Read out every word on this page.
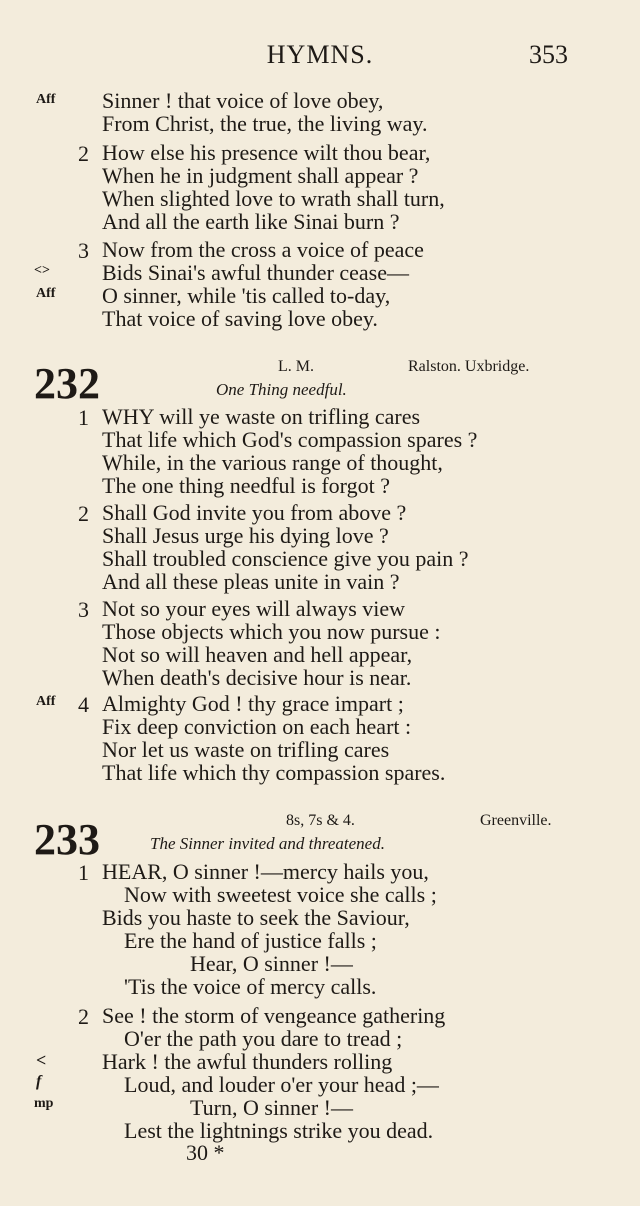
HYMNS.	353
Aff Sinner ! that voice of love obey,
From Christ, the true, the living way.
2 How else his presence wilt thou bear,
When he in judgment shall appear ?
When slighted love to wrath shall turn,
And all the earth like Sinai burn ?
3 Now from the cross a voice of peace
<> Bids Sinai's awful thunder cease—
Aff O sinner, while 'tis called to-day,
That voice of saving love obey.
232	L. M.	Ralston. Uxbridge.
One Thing needful.
1 WHY will ye waste on trifling cares
That life which God's compassion spares ?
While, in the various range of thought,
The one thing needful is forgot ?
2 Shall God invite you from above ?
Shall Jesus urge his dying love ?
Shall troubled conscience give you pain ?
And all these pleas unite in vain ?
3 Not so your eyes will always view
Those objects which you now pursue :
Not so will heaven and hell appear,
When death's decisive hour is near.
Aff 4 Almighty God ! thy grace impart ;
Fix deep conviction on each heart :
Nor let us waste on trifling cares
That life which thy compassion spares.
233	8s, 7s & 4.	Greenville.
The Sinner invited and threatened.
1 HEAR, O sinner !—mercy hails you,
Now with sweetest voice she calls ;
Bids you haste to seek the Saviour,
Ere the hand of justice falls ;
Hear, O sinner !—
'Tis the voice of mercy calls.
2 See ! the storm of vengeance gathering
O'er the path you dare to tread ;
<	Hark ! the awful thunders rolling
f	Loud, and louder o'er your head ;—
mp	Turn, O sinner !—
Lest the lightnings strike you dead.
30 *
